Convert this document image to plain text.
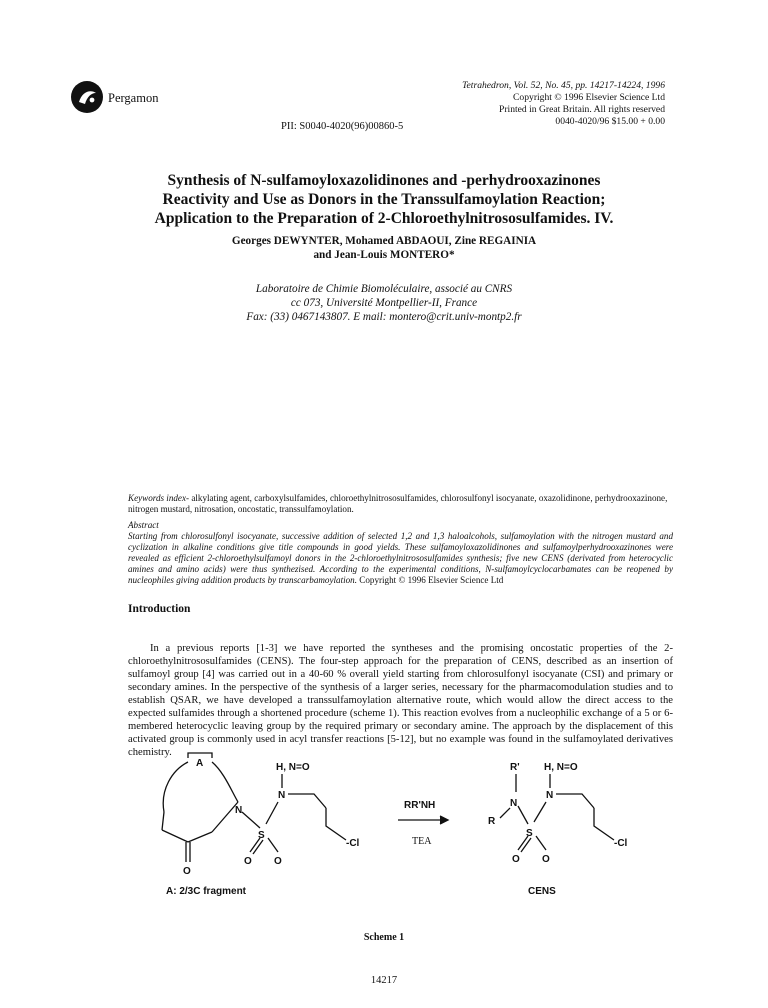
Pergamon
Tetrahedron, Vol. 52, No. 45, pp. 14217-14224, 1996
Copyright © 1996 Elsevier Science Ltd
Printed in Great Britain. All rights reserved
0040-4020/96 $15.00 + 0.00
PII: S0040-4020(96)00860-5
Synthesis of N-sulfamoyloxazolidinones and -perhydrooxazinones
Reactivity and Use as Donors in the Transsulfamoylation Reaction;
Application to the Preparation of 2-Chloroethylnitrososulfamides. IV.
Georges DEWYNTER, Mohamed ABDAOUI, Zine REGAINIA
and Jean-Louis MONTERO*
Laboratoire de Chimie Biomoléculaire, associé au CNRS
cc 073, Université Montpellier-II, France
Fax: (33) 0467143807. E mail: montero@crit.univ-montp2.fr
Keywords index- alkylating agent, carboxylsulfamides, chloroethylnitrososulfamides, chlorosulfonyl isocyanate, oxazolidinone, perhydrooxazinone, nitrogen mustard, nitrosation, oncostatic, transsulfamoylation.
Abstract
Starting from chlorosulfonyl isocyanate, successive addition of selected 1,2 and 1,3 haloalcohols, sulfamoylation with the nitrogen mustard and cyclization in alkaline conditions give title compounds in good yields. These sulfamoyloxazolidinones and sulfamoylperhydrooxazinones were revealed as efficient 2-chloroethylsulfamoyl donors in the 2-chloroethylnitrososulfamides synthesis; five new CENS (derivated from heterocyclic amines and amino acids) were thus synthezised. According to the experimental conditions, N-sulfamoylcyclocarbamates can be reopened by nucleophiles giving addition products by transcarbamoylation. Copyright © 1996 Elsevier Science Ltd
Introduction
In a previous reports [1-3] we have reported the syntheses and the promising oncostatic properties of the 2-chloroethylnitrososulfamides (CENS). The four-step approach for the preparation of CENS, described as an insertion of sulfamoyl group [4] was carried out in a 40-60 % overall yield starting from chlorosulfonyl isocyanate (CSI) and primary or secondary amines. In the perspective of the synthesis of a larger series, necessary for the pharmacomodulation studies and to establish QSAR, we have developed a transsulfamoylation alternative route, which would allow the direct access to the expected sulfamides through a shortened procedure (scheme 1). This reaction evolves from a nucleophilic exchange of a 5 or 6-membered heterocyclic leaving group by the required primary or secondary amine. The approach by the displacement of this activated group is commonly used in acyl transfer reactions [5-12], but no example was found in the sulfamoylated derivatives chemistry.
A
N
S
O O
N
H, N=O
-Cl
O
RR'NH
TEA
R'
N
R
S
O O
N
H, N=O
-Cl
A: 2/3C fragment	CENS
Scheme 1
14217
